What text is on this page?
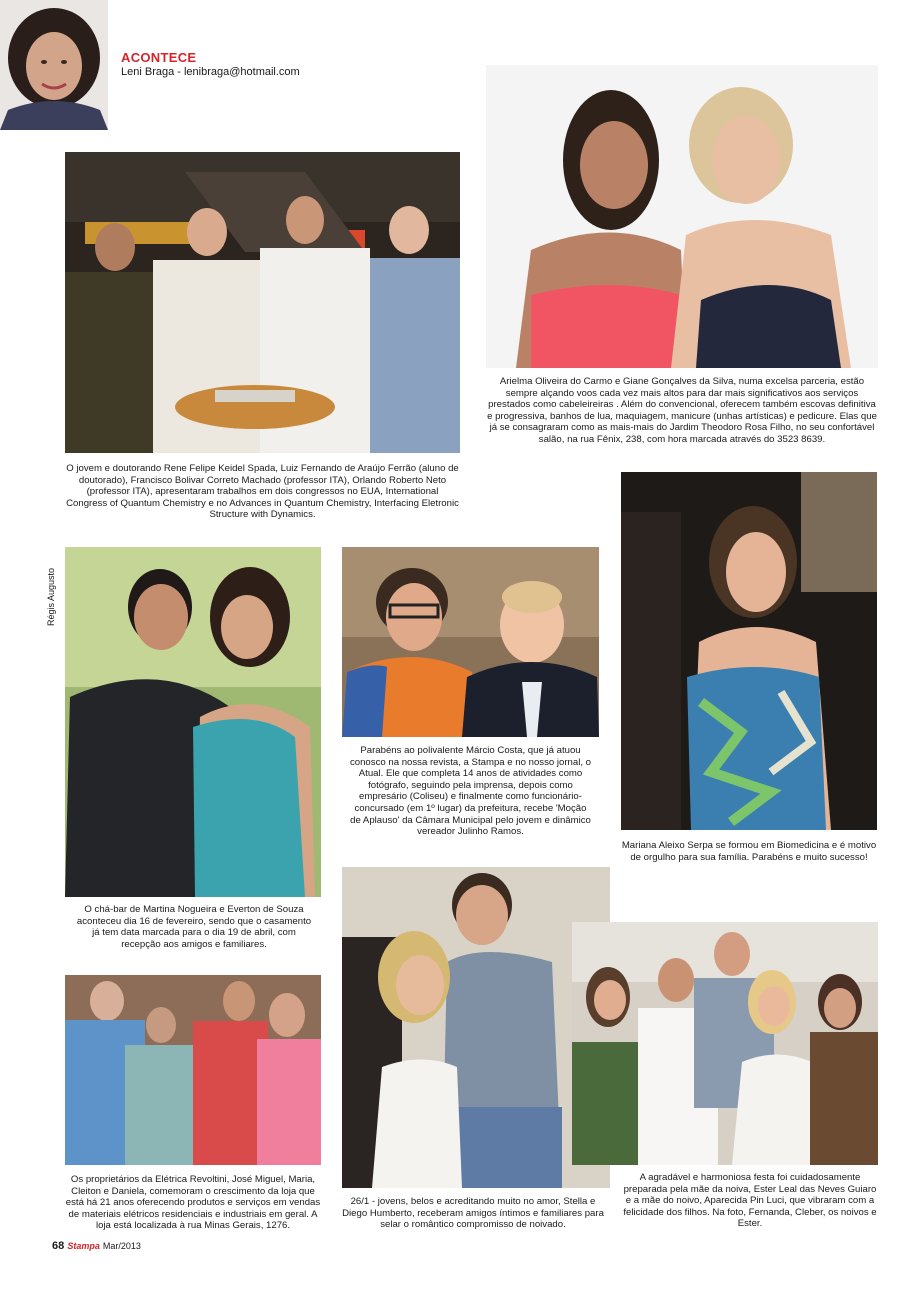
ACONTECE
Leni Braga - lenibraga@hotmail.com
O jovem e doutorando Rene Felipe Keidel Spada, Luiz Fernando de Araújo Ferrão (aluno de doutorado), Francisco Bolivar Correto Machado (professor ITA), Orlando Roberto Neto (professor ITA), apresentaram trabalhos em dois congressos no EUA, International Congress of Quantum Chemistry e no Advances in Quantum Chemistry, Interfacing Eletronic Structure with Dynamics.
Arielma Oliveira do Carmo e Giane Gonçalves da Silva, numa excelsa parceria, estão sempre alçando voos cada vez mais altos para dar mais significativos aos serviços prestados como cabeleireiras . Além do convencional, oferecem também escovas definitiva e progressiva, banhos de lua, maquiagem, manicure (unhas artísticas) e pedicure. Elas que já se consagraram como as mais-mais do Jardim Theodoro Rosa Filho, no seu confortável salão, na rua Fênix, 238, com hora marcada através do 3523 8639.
Régis Augusto
O chá-bar de Martina Nogueira e Everton de Souza aconteceu dia 16 de fevereiro, sendo que o casamento já tem data marcada para o dia 19 de abril, com recepção aos amigos e familiares.
Parabéns ao polivalente Márcio Costa, que já atuou conosco na nossa revista, a Stampa e no nosso jornal, o Atual. Ele que completa 14 anos de atividades como fotógrafo, seguindo pela imprensa, depois como empresário (Coliseu) e finalmente como funcionário-concursado (em 1º lugar) da prefeitura, recebe 'Moção de Aplauso' da Câmara Municipal pelo jovem e dinâmico vereador Julinho Ramos.
Mariana Aleixo Serpa se formou em Biomedicina e é motivo de orgulho para sua família. Parabéns e muito sucesso!
Os proprietários da Elétrica Revoltini, José Miguel, Maria, Cleiton e Daniela, comemoram o crescimento da loja que está há 21 anos oferecendo produtos e serviços em vendas de materiais elétricos residenciais e industriais em geral. A loja está localizada à rua Minas Gerais, 1276.
26/1 - jovens, belos e acreditando muito no amor, Stella e Diego Humberto, receberam amigos íntimos e familiares para selar o romântico compromisso de noivado.
A agradável e harmoniosa festa foi cuidadosamente preparada pela mãe da noiva, Ester Leal das Neves Guiaro e a mãe do noivo, Aparecida Pin Luci, que vibraram com a felicidade dos filhos. Na foto, Fernanda, Cleber, os noivos e Ester.
68 Stampa Mar/2013
